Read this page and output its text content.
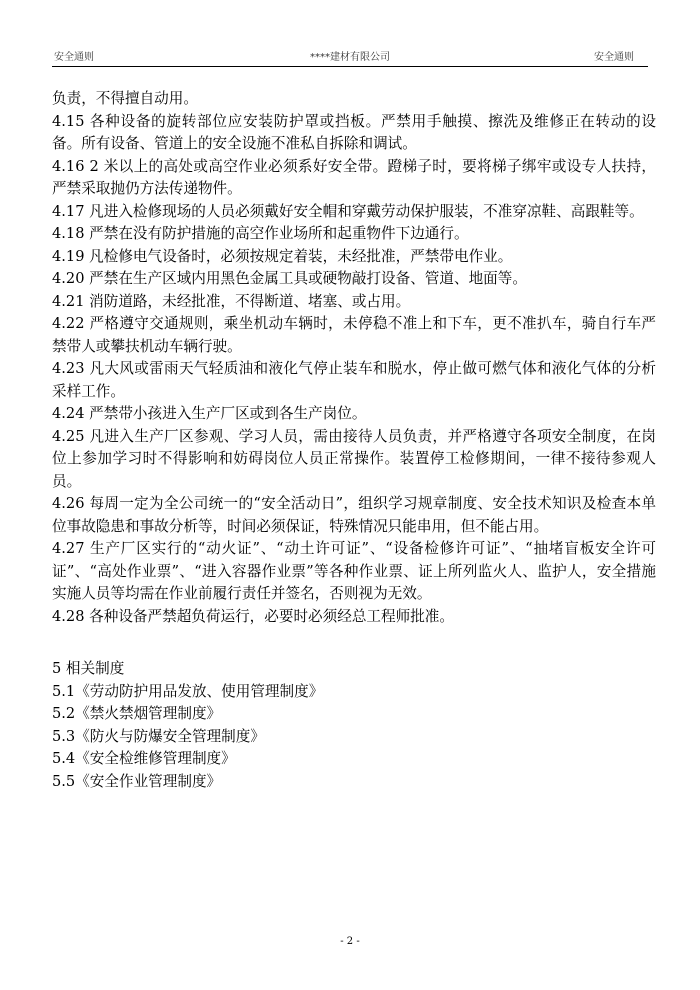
安全通则	****建材有限公司	安全通则

负责，不得擅自动用。

4.15 各种设备的旋转部位应安装防护罩或挡板。严禁用手触摸、擦洗及维修正在转动的设备。所有设备、管道上的安全设施不准私自拆除和调试。

4.16 2 米以上的高处或高空作业必须系好安全带。蹬梯子时，要将梯子绑牢或设专人扶持，严禁采取抛仍方法传递物件。

4.17 凡进入检修现场的人员必须戴好安全帽和穿戴劳动保护服装，不准穿凉鞋、高跟鞋等。

4.18 严禁在没有防护措施的高空作业场所和起重物件下边通行。

4.19 凡检修电气设备时，必须按规定着装，未经批准，严禁带电作业。

4.20 严禁在生产区域内用黑色金属工具或硬物敲打设备、管道、地面等。

4.21 消防道路，未经批准，不得断道、堵塞、或占用。

4.22 严格遵守交通规则，乘坐机动车辆时，未停稳不准上和下车，更不准扒车，骑自行车严禁带人或攀扶机动车辆行驶。

4.23 凡大风或雷雨天气轻质油和液化气停止装车和脱水，停止做可燃气体和液化气体的分析采样工作。

4.24 严禁带小孩进入生产厂区或到各生产岗位。

4.25 凡进入生产厂区参观、学习人员，需由接待人员负责，并严格遵守各项安全制度，在岗位上参加学习时不得影响和妨碍岗位人员正常操作。装置停工检修期间，一律不接待参观人员。

4.26 每周一定为全公司统一的“安全活动日”，组织学习规章制度、安全技术知识及检查本单位事故隐患和事故分析等，时间必须保证，特殊情况只能串用，但不能占用。

4.27 生产厂区实行的“动火证”、“动土许可证”、“设备检修许可证”、“抽堵盲板安全许可证”、“高处作业票”、“进入容器作业票”等各种作业票、证上所列监火人、监护人，安全措施实施人员等均需在作业前履行责任并签名，否则视为无效。

4.28 各种设备严禁超负荷运行，必要时必须经总工程师批准。

5 相关制度

5.1《劳动防护用品发放、使用管理制度》

5.2《禁火禁烟管理制度》

5.3《防火与防爆安全管理制度》

5.4《安全检维修管理制度》

5.5《安全作业管理制度》

- 2 -
